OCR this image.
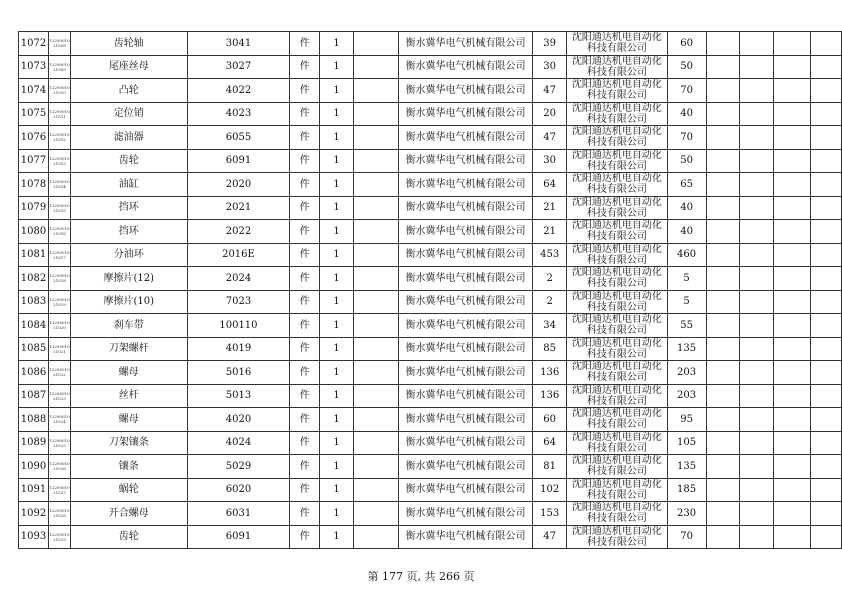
1072	12290010 21008	齿轮轴	3041	件	1		衡水冀华电气机械有限公司	39	沈阳通达机电自动化科技有限公司	60				
1073	12290010 21009	尾座丝母	3027	件	1		衡水冀华电气机械有限公司	30	沈阳通达机电自动化科技有限公司	50				
1074	12290010 21010	凸轮	4022	件	1		衡水冀华电气机械有限公司	47	沈阳通达机电自动化科技有限公司	70				
1075	12290010 21011	定位销	4023	件	1		衡水冀华电气机械有限公司	20	沈阳通达机电自动化科技有限公司	40				
1076	12290010 21012	滤油器	6055	件	1		衡水冀华电气机械有限公司	47	沈阳通达机电自动化科技有限公司	70				
1077	12290010 21013	齿轮	6091	件	1		衡水冀华电气机械有限公司	30	沈阳通达机电自动化科技有限公司	50				
1078	12290010 21014	油缸	2020	件	1		衡水冀华电气机械有限公司	64	沈阳通达机电自动化科技有限公司	65				
1079	12290010 21015	挡环	2021	件	1		衡水冀华电气机械有限公司	21	沈阳通达机电自动化科技有限公司	40				
1080	12290010 21016	挡环	2022	件	1		衡水冀华电气机械有限公司	21	沈阳通达机电自动化科技有限公司	40				
1081	12290010 21017	分油环	2016E	件	1		衡水冀华电气机械有限公司	453	沈阳通达机电自动化科技有限公司	460				
1082	12290010 21018	摩擦片(12)	2024	件	1		衡水冀华电气机械有限公司	2	沈阳通达机电自动化科技有限公司	5				
1083	12290010 21019	摩擦片(10)	7023	件	1		衡水冀华电气机械有限公司	2	沈阳通达机电自动化科技有限公司	5				
1084	12290010 21020	刹车带	100110	件	1		衡水冀华电气机械有限公司	34	沈阳通达机电自动化科技有限公司	55				
1085	12290010 21021	刀架螺杆	4019	件	1		衡水冀华电气机械有限公司	85	沈阳通达机电自动化科技有限公司	135				
1086	12290010 21022	螺母	5016	件	1		衡水冀华电气机械有限公司	136	沈阳通达机电自动化科技有限公司	203				
1087	12290010 21023	丝杆	5013	件	1		衡水冀华电气机械有限公司	136	沈阳通达机电自动化科技有限公司	203				
1088	12290010 21024	螺母	4020	件	1		衡水冀华电气机械有限公司	60	沈阳通达机电自动化科技有限公司	95				
1089	12290010 21025	刀架镶条	4024	件	1		衡水冀华电气机械有限公司	64	沈阳通达机电自动化科技有限公司	105				
1090	12290010 21026	镶条	5029	件	1		衡水冀华电气机械有限公司	81	沈阳通达机电自动化科技有限公司	135				
1091	12290010 21027	蜗轮	6020	件	1		衡水冀华电气机械有限公司	102	沈阳通达机电自动化科技有限公司	185				
1092	12290010 21028	开合螺母	6031	件	1		衡水冀华电气机械有限公司	153	沈阳通达机电自动化科技有限公司	230				
1093	12290010 21029	齿轮	6091	件	1		衡水冀华电气机械有限公司	47	沈阳通达机电自动化科技有限公司	70				
第 177 页, 共 266 页
